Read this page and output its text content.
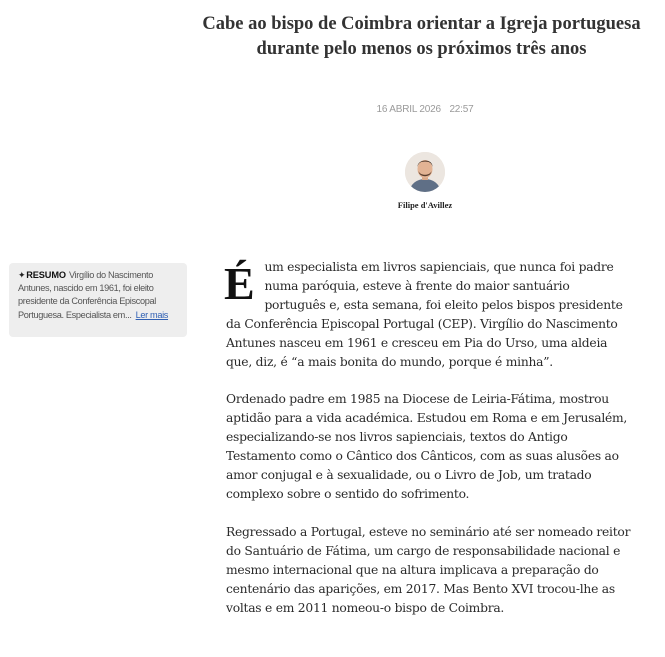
Cabe ao bispo de Coimbra orientar a Igreja portuguesa durante pelo menos os próximos três anos
16 ABRIL 2026 22:57
Filipe d'Avillez
✦RESUMO Virgílio do Nascimento Antunes, nascido em 1961, foi eleito presidente da Conferência Episcopal Portuguesa. Especialista em... Ler mais

É um especialista em livros sapienciais, que nunca foi padre numa paróquia, esteve à frente do maior santuário português e, esta semana, foi eleito pelos bispos presidente da Conferência Episcopal Portugal (CEP). Virgílio do Nascimento Antunes nasceu em 1961 e cresceu em Pia do Urso, uma aldeia que, diz, é “a mais bonita do mundo, porque é minha”.

Ordenado padre em 1985 na Diocese de Leiria-Fátima, mostrou aptidão para a vida académica. Estudou em Roma e em Jerusalém, especializando-se nos livros sapienciais, textos do Antigo Testamento como o Cântico dos Cânticos, com as suas alusões ao amor conjugal e à sexualidade, ou o Livro de Job, um tratado complexo sobre o sentido do sofrimento.

Regressado a Portugal, esteve no seminário até ser nomeado reitor do Santuário de Fátima, um cargo de responsabilidade nacional e mesmo internacional que na altura implicava a preparação do centenário das aparições, em 2017. Mas Bento XVI trocou-lhe as voltas e em 2011 nomeou-o bispo de Coimbra.
